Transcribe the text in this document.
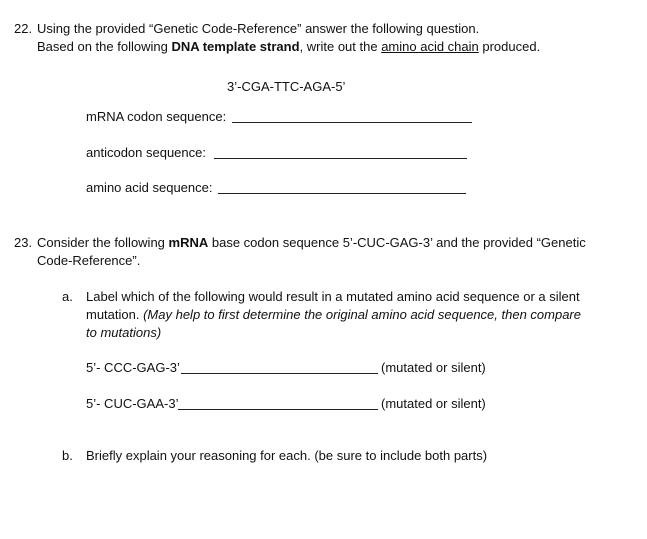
22. Using the provided “Genetic Code-Reference” answer the following question.
Based on the following DNA template strand, write out the amino acid chain produced.
3’-CGA-TTC-AGA-5’
mRNA codon sequence:
anticodon sequence:
amino acid sequence:
23. Consider the following mRNA base codon sequence 5’-CUC-GAG-3’ and the provided “Genetic
Code-Reference”.
a. Label which of the following would result in a mutated amino acid sequence or a silent
mutation. (May help to first determine the original amino acid sequence, then compare
to mutations)
5’- CCC-GAG-3’	(mutated or silent)
5’- CUC-GAA-3’	(mutated or silent)
b. Briefly explain your reasoning for each. (be sure to include both parts)
